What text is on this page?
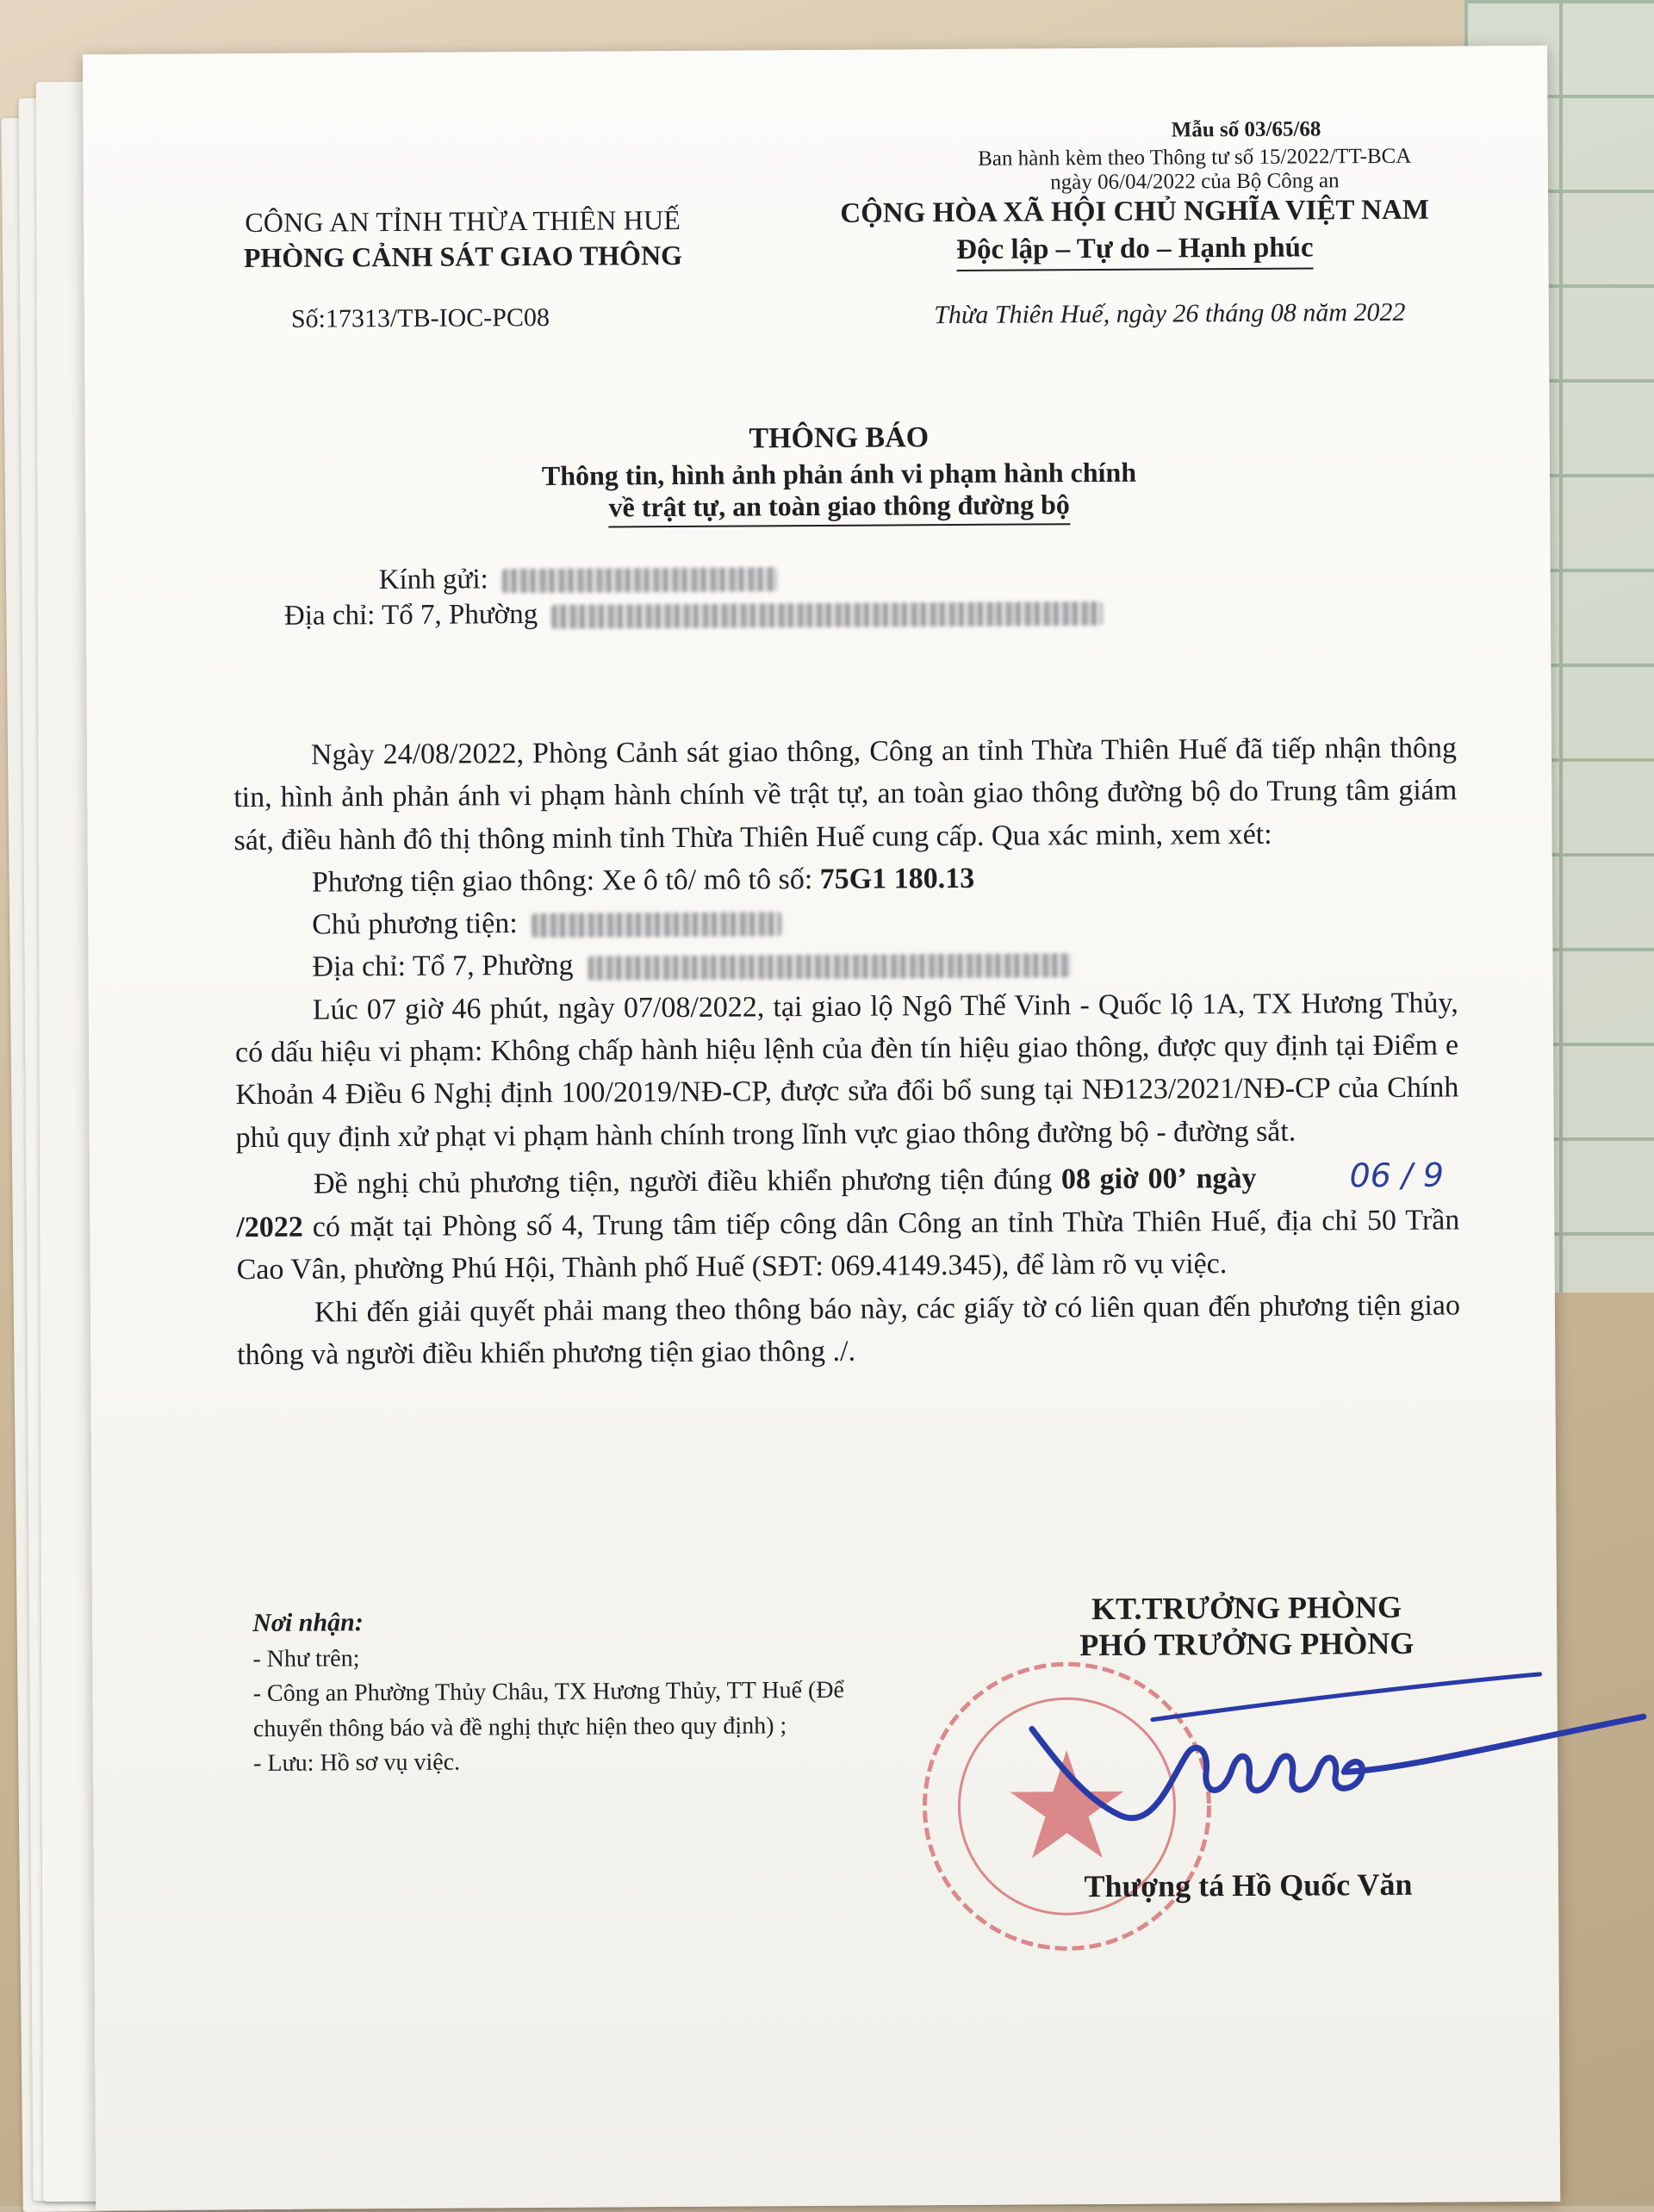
Mẫu số 03/65/68
Ban hành kèm theo Thông tư số 15/2022/TT-BCA
ngày 06/04/2022 của Bộ Công an
CÔNG AN TỈNH THỪA THIÊN HUẾ
PHÒNG CẢNH SÁT GIAO THÔNG
CỘNG HÒA XÃ HỘI CHỦ NGHĨA VIỆT NAM
Độc lập – Tự do – Hạnh phúc
Số:17313/TB-IOC-PC08	Thừa Thiên Huế, ngày 26 tháng 08 năm 2022
THÔNG BÁO
Thông tin, hình ảnh phản ánh vi phạm hành chính
về trật tự, an toàn giao thông đường bộ
Kính gửi:
Địa chỉ: Tổ 7, Phường

Ngày 24/08/2022, Phòng Cảnh sát giao thông, Công an tỉnh Thừa Thiên Huế đã tiếp nhận thông tin, hình ảnh phản ánh vi phạm hành chính về trật tự, an toàn giao thông đường bộ do Trung tâm giám sát, điều hành đô thị thông minh tỉnh Thừa Thiên Huế cung cấp. Qua xác minh, xem xét:

Phương tiện giao thông: Xe ô tô/ mô tô số: 75G1 180.13

Chủ phương tiện:

Địa chỉ: Tổ 7, Phường

Lúc 07 giờ 46 phút, ngày 07/08/2022, tại giao lộ Ngô Thế Vinh - Quốc lộ 1A, TX Hương Thủy, có dấu hiệu vi phạm: Không chấp hành hiệu lệnh của đèn tín hiệu giao thông, được quy định tại Điểm e Khoản 4 Điều 6 Nghị định 100/2019/NĐ-CP, được sửa đổi bổ sung tại NĐ123/2021/NĐ-CP của Chính phủ quy định xử phạt vi phạm hành chính trong lĩnh vực giao thông đường bộ - đường sắt.

Đề nghị chủ phương tiện, người điều khiển phương tiện đúng 08 giờ 00’ ngày	06 / 9/2022 có mặt tại Phòng số 4, Trung tâm tiếp công dân Công an tỉnh Thừa Thiên Huế, địa chỉ 50 Trần Cao Vân, phường Phú Hội, Thành phố Huế (SĐT: 069.4149.345), để làm rõ vụ việc.

Khi đến giải quyết phải mang theo thông báo này, các giấy tờ có liên quan đến phương tiện giao thông và người điều khiển phương tiện giao thông ./.

Nơi nhận:
- Như trên;
- Công an Phường Thủy Châu, TX Hương Thủy, TT Huế (Để chuyển thông báo và đề nghị thực hiện theo quy định) ;
- Lưu: Hồ sơ vụ việc.
KT.TRƯỞNG PHÒNG
PHÓ TRƯỞNG PHÒNG
Thượng tá Hồ Quốc Văn
